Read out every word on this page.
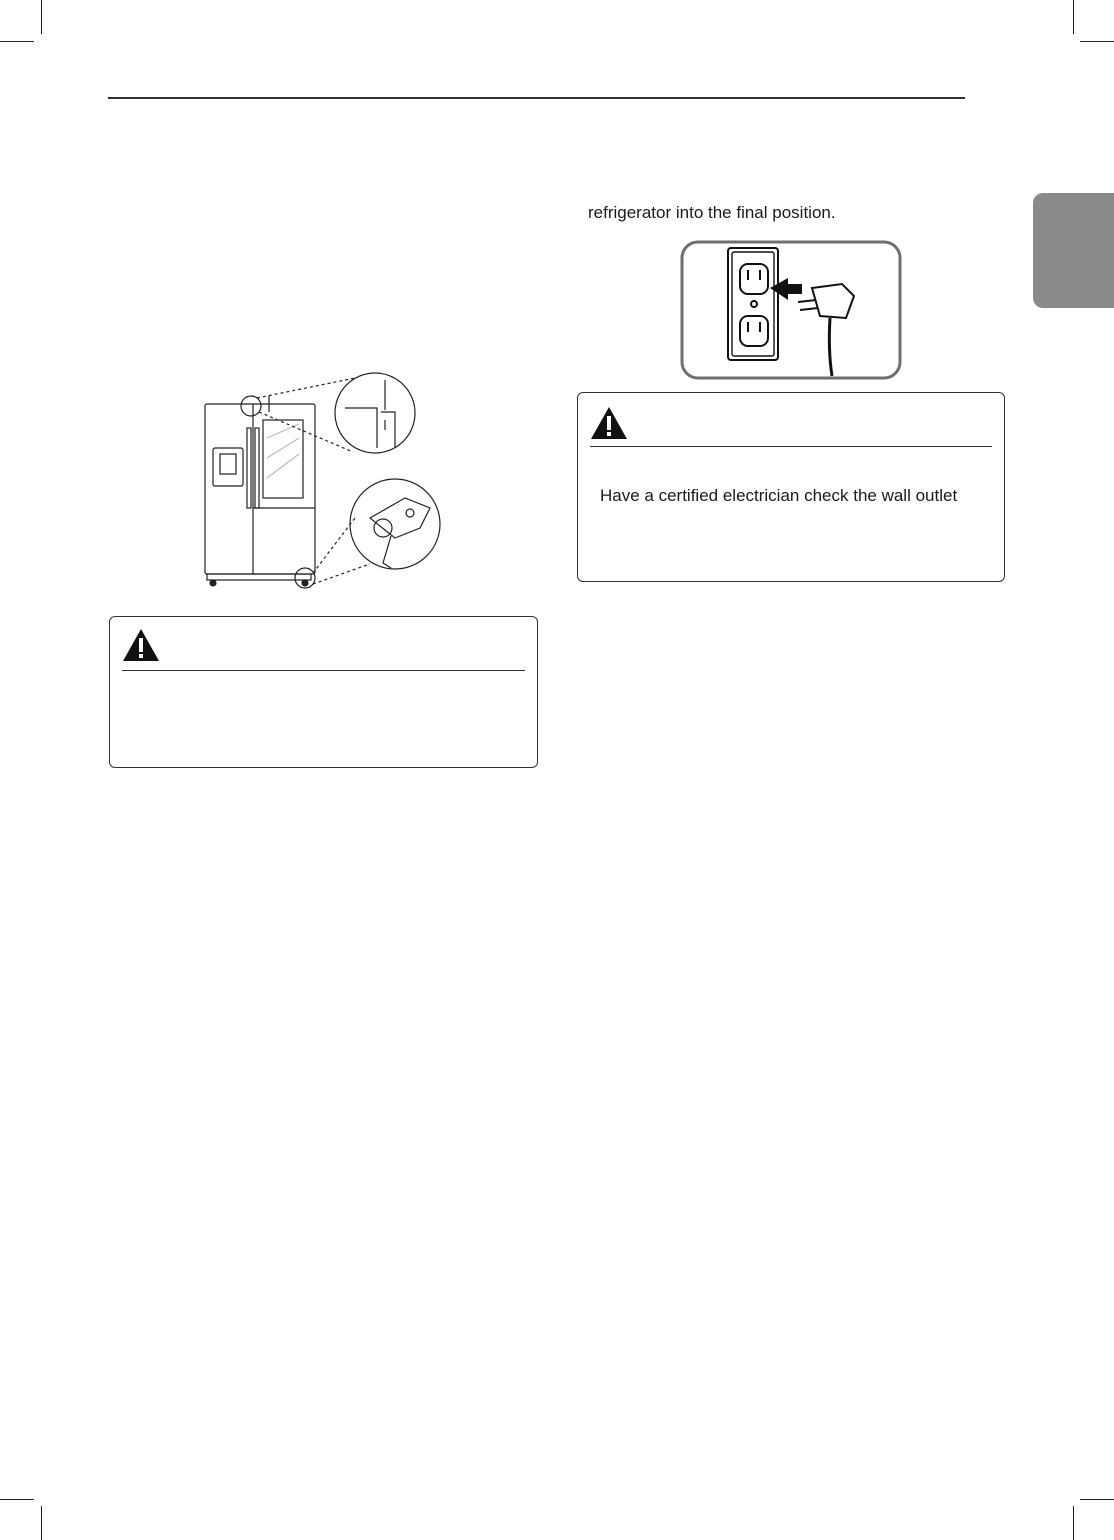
refrigerator into the final position.
Have a certified electrician check the wall outlet
